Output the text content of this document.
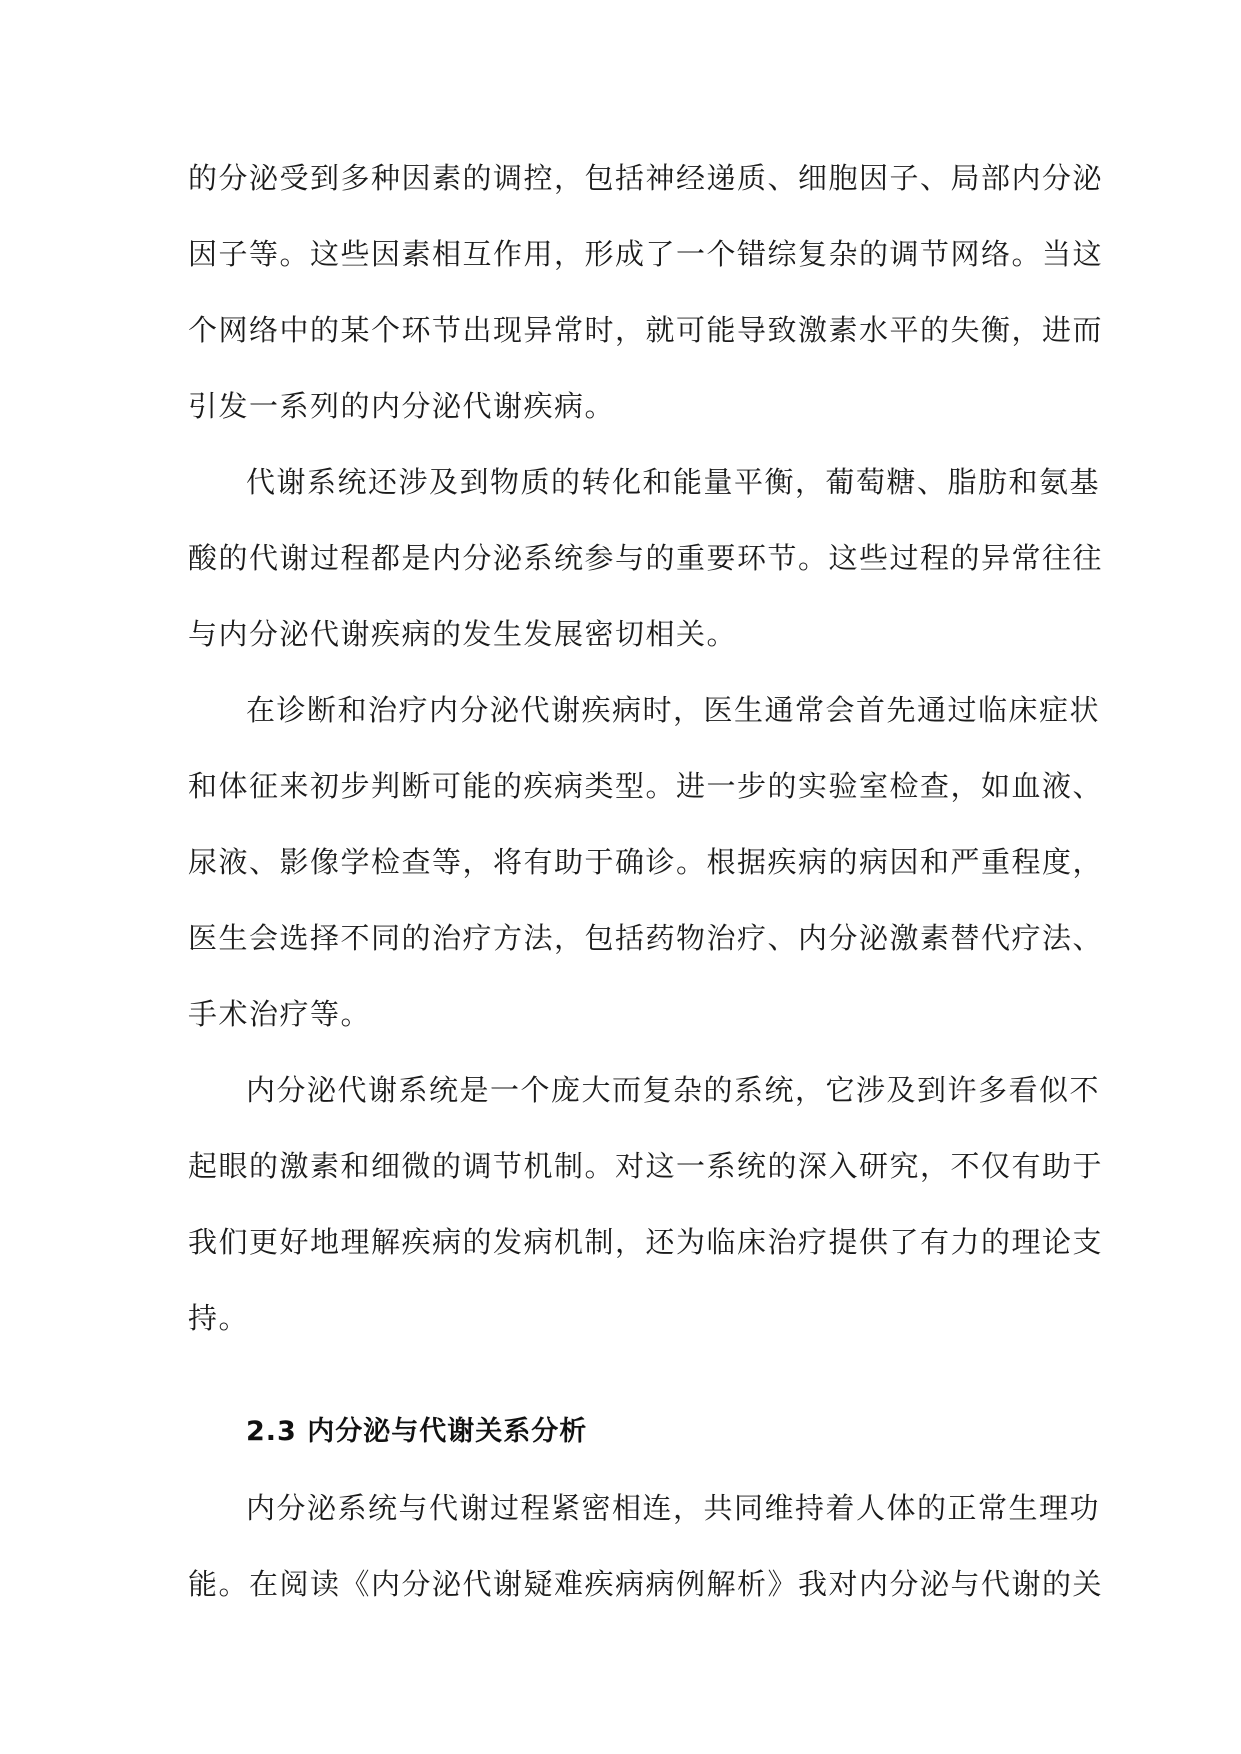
的分泌受到多种因素的调控，包括神经递质、细胞因子、局部内分泌
因子等。这些因素相互作用，形成了一个错综复杂的调节网络。当这
个网络中的某个环节出现异常时，就可能导致激素水平的失衡，进而
引发一系列的内分泌代谢疾病。
代谢系统还涉及到物质的转化和能量平衡，葡萄糖、脂肪和氨基
酸的代谢过程都是内分泌系统参与的重要环节。这些过程的异常往往
与内分泌代谢疾病的发生发展密切相关。
在诊断和治疗内分泌代谢疾病时，医生通常会首先通过临床症状
和体征来初步判断可能的疾病类型。进一步的实验室检查，如血液、
尿液、影像学检查等，将有助于确诊。根据疾病的病因和严重程度，
医生会选择不同的治疗方法，包括药物治疗、内分泌激素替代疗法、
手术治疗等。
内分泌代谢系统是一个庞大而复杂的系统，它涉及到许多看似不
起眼的激素和细微的调节机制。对这一系统的深入研究，不仅有助于
我们更好地理解疾病的发病机制，还为临床治疗提供了有力的理论支
持。
2.3 内分泌与代谢关系分析
内分泌系统与代谢过程紧密相连，共同维持着人体的正常生理功
能。在阅读《内分泌代谢疑难疾病病例解析》我对内分泌与代谢的关
